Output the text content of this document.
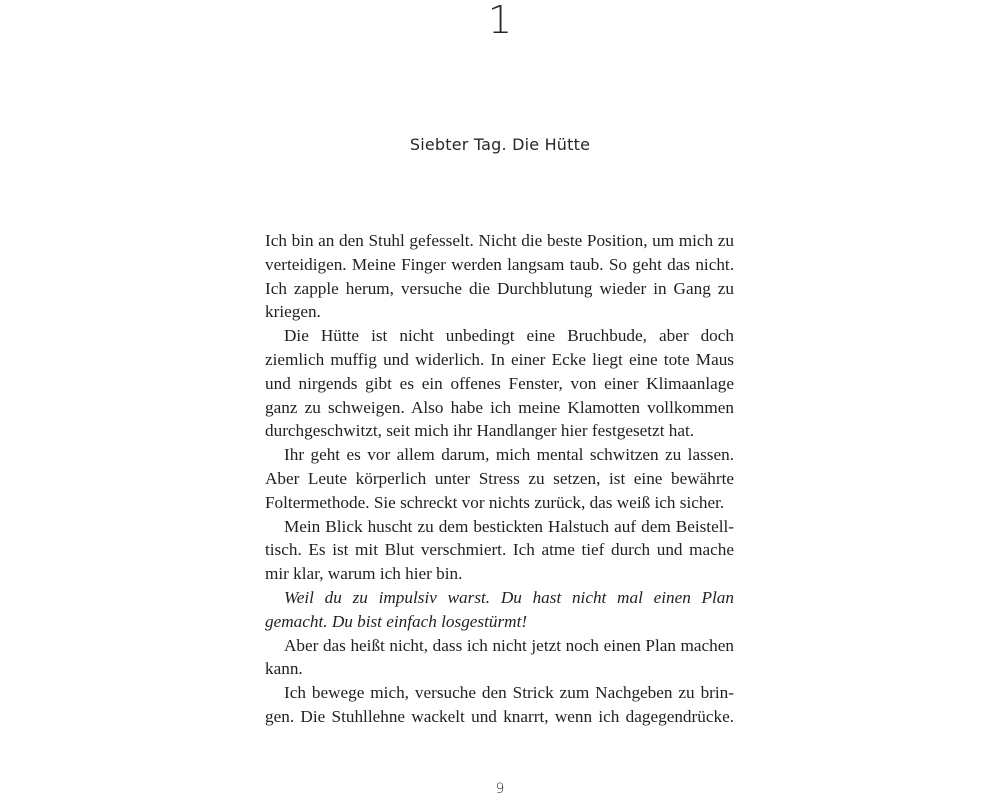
1
Siebter Tag. Die Hütte

Ich bin an den Stuhl gefesselt. Nicht die beste Position, um mich zu verteidigen. Meine Finger werden langsam taub. So geht das nicht. Ich zapple herum, versuche die Durchblutung wieder in Gang zu kriegen.

Die Hütte ist nicht unbedingt eine Bruchbude, aber doch ziemlich muffig und widerlich. In einer Ecke liegt eine tote Maus und nirgends gibt es ein offenes Fenster, von einer Klimaanlage ganz zu schweigen. Also habe ich meine Klamotten vollkommen durchgeschwitzt, seit mich ihr Handlanger hier festgesetzt hat.

Ihr geht es vor allem darum, mich mental schwitzen zu lassen. Aber Leute körperlich unter Stress zu setzen, ist eine bewährte Foltermethode. Sie schreckt vor nichts zurück, das weiß ich sicher.

Mein Blick huscht zu dem bestickten Halstuch auf dem Beistelltisch. Es ist mit Blut verschmiert. Ich atme tief durch und mache mir klar, warum ich hier bin.

Weil du zu impulsiv warst. Du hast nicht mal einen Plan gemacht. Du bist einfach losgestürmt!

Aber das heißt nicht, dass ich nicht jetzt noch einen Plan machen kann.

Ich bewege mich, versuche den Strick zum Nachgeben zu bringen. Die Stuhllehne wackelt und knarrt, wenn ich dagegendrücke.

9
